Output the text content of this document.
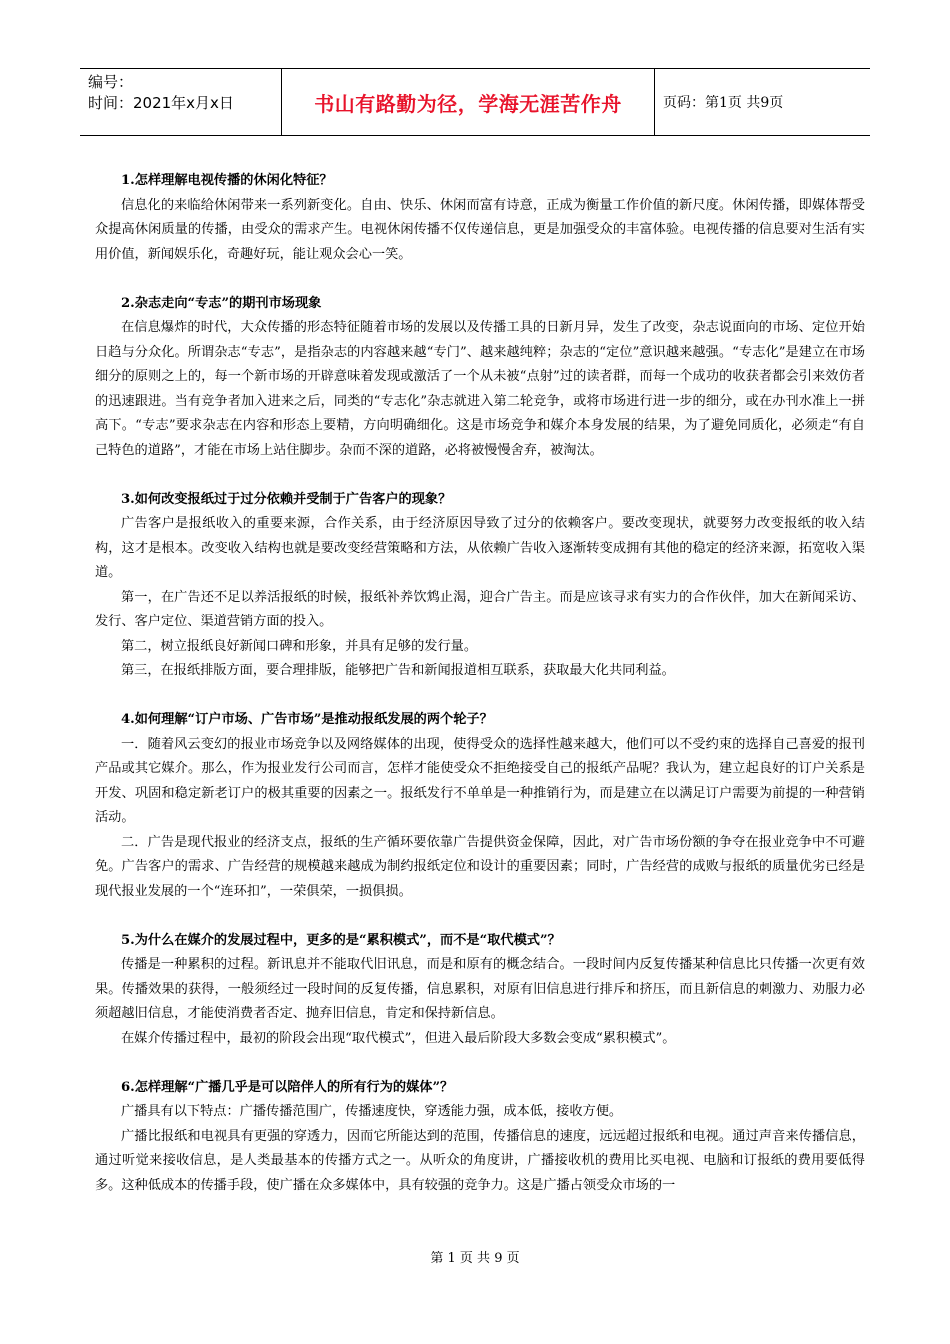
编号：
时间：2021年x月x日	书山有路勤为径，学海无涯苦作舟	页码：第1页 共9页
1.怎样理解电视传播的休闲化特征？
信息化的来临给休闲带来一系列新变化。自由、快乐、休闲而富有诗意，正成为衡量工作价值的新尺度。休闲传播，即媒体帮受众提高休闲质量的传播，由受众的需求产生。电视休闲传播不仅传递信息，更是加强受众的丰富体验。电视传播的信息要对生活有实用价值，新闻娱乐化，奇趣好玩，能让观众会心一笑。
2.杂志走向“专志”的期刊市场现象
在信息爆炸的时代，大众传播的形态特征随着市场的发展以及传播工具的日新月异，发生了改变，杂志说面向的市场、定位开始日趋与分众化。所谓杂志“专志”，是指杂志的内容越来越“专门”、越来越纯粹；杂志的“定位”意识越来越强。“专志化”是建立在市场细分的原则之上的，每一个新市场的开辟意味着发现或激活了一个从未被“点射”过的读者群，而每一个成功的收获者都会引来效仿者的迅速跟进。当有竞争者加入进来之后，同类的“专志化”杂志就进入第二轮竞争，或将市场进行进一步的细分，或在办刊水准上一拼高下。“专志”要求杂志在内容和形态上要精，方向明确细化。这是市场竞争和媒介本身发展的结果，为了避免同质化，必须走“有自己特色的道路”，才能在市场上站住脚步。杂而不深的道路，必将被慢慢舍弃，被淘汰。
3.如何改变报纸过于过分依赖并受制于广告客户的现象？
广告客户是报纸收入的重要来源，合作关系，由于经济原因导致了过分的依赖客户。要改变现状，就要努力改变报纸的收入结构，这才是根本。改变收入结构也就是要改变经营策略和方法，从依赖广告收入逐渐转变成拥有其他的稳定的经济来源，拓宽收入渠道。
第一，在广告还不足以养活报纸的时候，报纸补养饮鸩止渴，迎合广告主。而是应该寻求有实力的合作伙伴，加大在新闻采访、发行、客户定位、渠道营销方面的投入。
第二，树立报纸良好新闻口碑和形象，并具有足够的发行量。
第三，在报纸排版方面，要合理排版，能够把广告和新闻报道相互联系，获取最大化共同利益。
4.如何理解“订户市场、广告市场”是推动报纸发展的两个轮子？
一．随着风云变幻的报业市场竞争以及网络媒体的出现，使得受众的选择性越来越大，他们可以不受约束的选择自己喜爱的报刊产品或其它媒介。那么，作为报业发行公司而言，怎样才能使受众不拒绝接受自己的报纸产品呢？我认为，建立起良好的订户关系是开发、巩固和稳定新老订户的极其重要的因素之一。报纸发行不单单是一种推销行为，而是建立在以满足订户需要为前提的一种营销活动。
二．广告是现代报业的经济支点，报纸的生产循环要依靠广告提供资金保障，因此，对广告市场份额的争夺在报业竞争中不可避免。广告客户的需求、广告经营的规模越来越成为制约报纸定位和设计的重要因素；同时，广告经营的成败与报纸的质量优劣已经是现代报业发展的一个“连环扣”，一荣俱荣，一损俱损。
5.为什么在媒介的发展过程中，更多的是“累积模式”，而不是“取代模式”？
传播是一种累积的过程。新讯息并不能取代旧讯息，而是和原有的概念结合。一段时间内反复传播某种信息比只传播一次更有效果。传播效果的获得，一般须经过一段时间的反复传播，信息累积，对原有旧信息进行排斥和挤压，而且新信息的刺激力、劝服力必须超越旧信息，才能使消费者否定、抛弃旧信息，肯定和保持新信息。
在媒介传播过程中，最初的阶段会出现“取代模式”，但进入最后阶段大多数会变成“累积模式”。
6.怎样理解“广播几乎是可以陪伴人的所有行为的媒体”？
广播具有以下特点：广播传播范围广，传播速度快，穿透能力强，成本低，接收方便。
广播比报纸和电视具有更强的穿透力，因而它所能达到的范围，传播信息的速度，远远超过报纸和电视。通过声音来传播信息，通过听觉来接收信息，是人类最基本的传播方式之一。从听众的角度讲，广播接收机的费用比买电视、电脑和订报纸的费用要低得多。这种低成本的传播手段，使广播在众多媒体中，具有较强的竞争力。这是广播占领受众市场的一
第 1 页 共 9 页
